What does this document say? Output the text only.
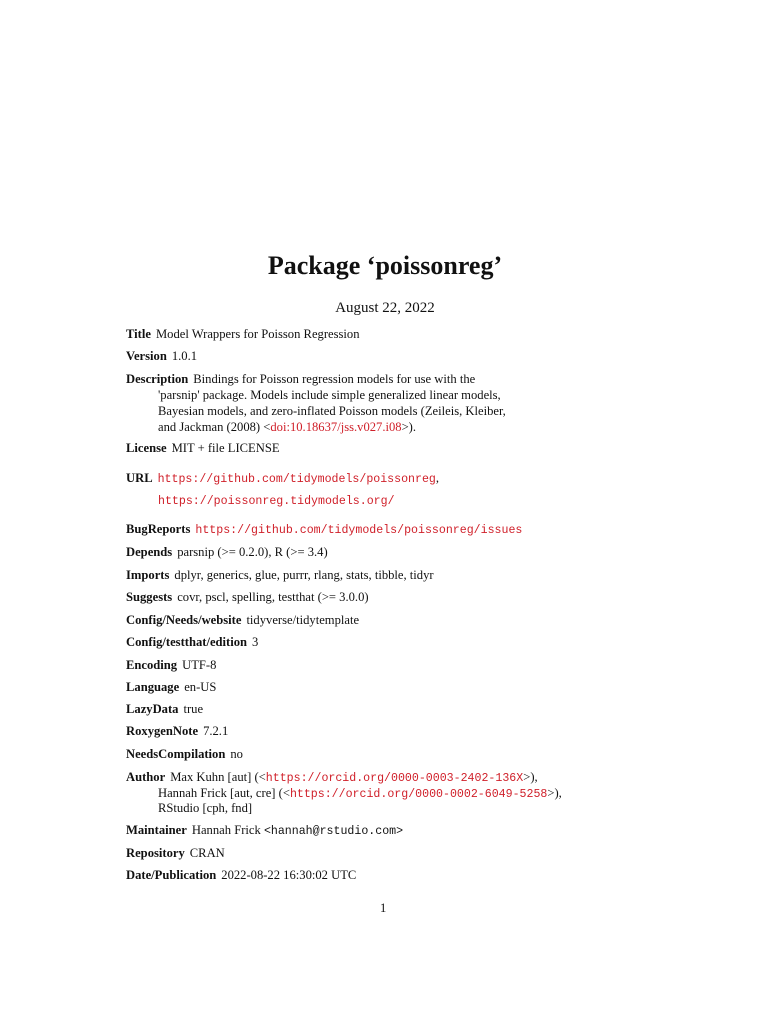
Package ‘poissonreg’
August 22, 2022
Title Model Wrappers for Poisson Regression
Version 1.0.1
Description Bindings for Poisson regression models for use with the
'parsnip' package. Models include simple generalized linear models,
Bayesian models, and zero-inflated Poisson models (Zeileis, Kleiber,
and Jackman (2008) <doi:10.18637/jss.v027.i08>).
License MIT + file LICENSE
URL https://github.com/tidymodels/poissonreg,
https://poissonreg.tidymodels.org/
BugReports https://github.com/tidymodels/poissonreg/issues
Depends parsnip (>= 0.2.0), R (>= 3.4)
Imports dplyr, generics, glue, purrr, rlang, stats, tibble, tidyr
Suggests covr, pscl, spelling, testthat (>= 3.0.0)
Config/Needs/website tidyverse/tidytemplate
Config/testthat/edition 3
Encoding UTF-8
Language en-US
LazyData true
RoxygenNote 7.2.1
NeedsCompilation no
Author Max Kuhn [aut] (<https://orcid.org/0000-0003-2402-136X>),
Hannah Frick [aut, cre] (<https://orcid.org/0000-0002-6049-5258>),
RStudio [cph, fnd]
Maintainer Hannah Frick <hannah@rstudio.com>
Repository CRAN
Date/Publication 2022-08-22 16:30:02 UTC
1
